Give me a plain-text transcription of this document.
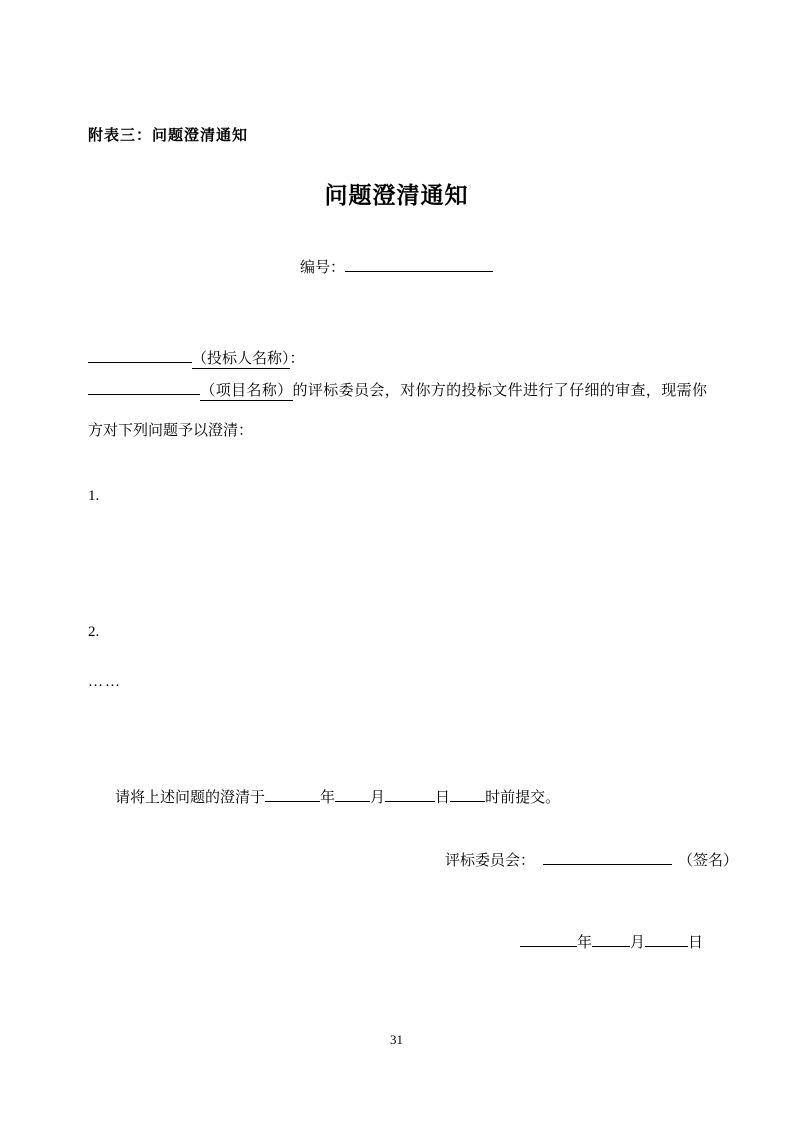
附表三：问题澄清通知
问题澄清通知
编号：
（投标人名称）：
（项目名称）的评标委员会，对你方的投标文件进行了仔细的审查，现需你方对下列问题予以澄清：
1.
2.
……
请将上述问题的澄清于	年 月	日 时前提交。
评标委员会：	（签名）
年	月	日
31
